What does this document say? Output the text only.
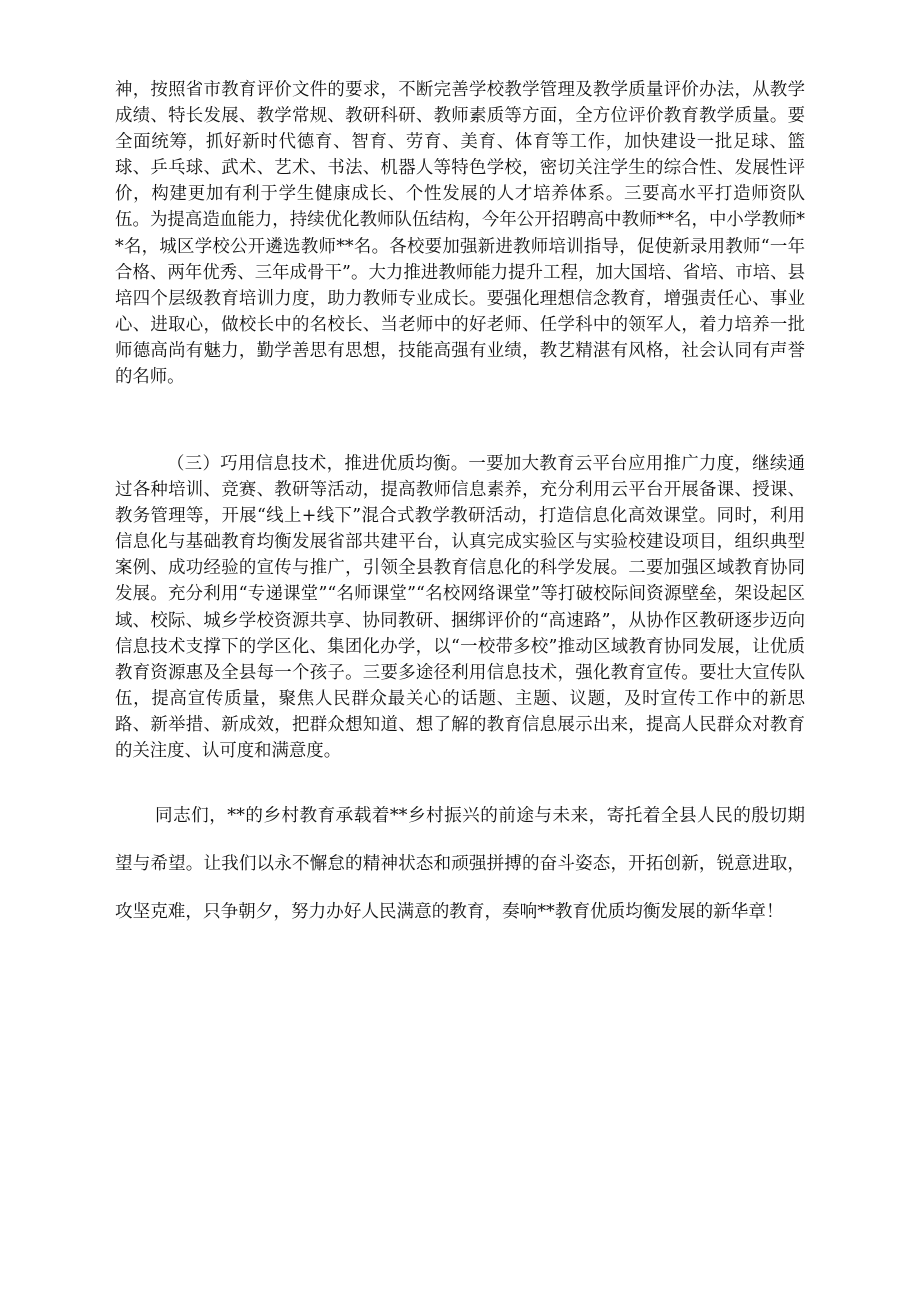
神，按照省市教育评价文件的要求，不断完善学校教学管理及教学质量评价办法，从教学成绩、特长发展、教学常规、教研科研、教师素质等方面，全方位评价教育教学质量。要全面统筹，抓好新时代德育、智育、劳育、美育、体育等工作，加快建设一批足球、篮球、乒乓球、武术、艺术、书法、机器人等特色学校，密切关注学生的综合性、发展性评价，构建更加有利于学生健康成长、个性发展的人才培养体系。三要高水平打造师资队伍。为提高造血能力，持续优化教师队伍结构，今年公开招聘高中教师**名，中小学教师**名，城区学校公开遴选教师**名。各校要加强新进教师培训指导，促使新录用教师“一年合格、两年优秀、三年成骨干”。大力推进教师能力提升工程，加大国培、省培、市培、县培四个层级教育培训力度，助力教师专业成长。要强化理想信念教育，增强责任心、事业心、进取心，做校长中的名校长、当老师中的好老师、任学科中的领军人，着力培养一批师德高尚有魅力，勤学善思有思想，技能高强有业绩，教艺精湛有风格，社会认同有声誉的名师。

（三）巧用信息技术，推进优质均衡。一要加大教育云平台应用推广力度，继续通过各种培训、竞赛、教研等活动，提高教师信息素养，充分利用云平台开展备课、授课、教务管理等，开展“线上+线下”混合式教学教研活动，打造信息化高效课堂。同时，利用信息化与基础教育均衡发展省部共建平台，认真完成实验区与实验校建设项目，组织典型案例、成功经验的宣传与推广，引领全县教育信息化的科学发展。二要加强区域教育协同发展。充分利用“专递课堂”“名师课堂”“名校网络课堂”等打破校际间资源壁垒，架设起区域、校际、城乡学校资源共享、协同教研、捆绑评价的“高速路”，从协作区教研逐步迈向信息技术支撑下的学区化、集团化办学，以“一校带多校”推动区域教育协同发展，让优质教育资源惠及全县每一个孩子。三要多途径利用信息技术，强化教育宣传。要壮大宣传队伍，提高宣传质量，聚焦人民群众最关心的话题、主题、议题，及时宣传工作中的新思路、新举措、新成效，把群众想知道、想了解的教育信息展示出来，提高人民群众对教育的关注度、认可度和满意度。

同志们，**的乡村教育承载着**乡村振兴的前途与未来，寄托着全县人民的殷切期望与希望。让我们以永不懈怠的精神状态和顽强拼搏的奋斗姿态，开拓创新，锐意进取，攻坚克难，只争朝夕，努力办好人民满意的教育，奏响**教育优质均衡发展的新华章！
